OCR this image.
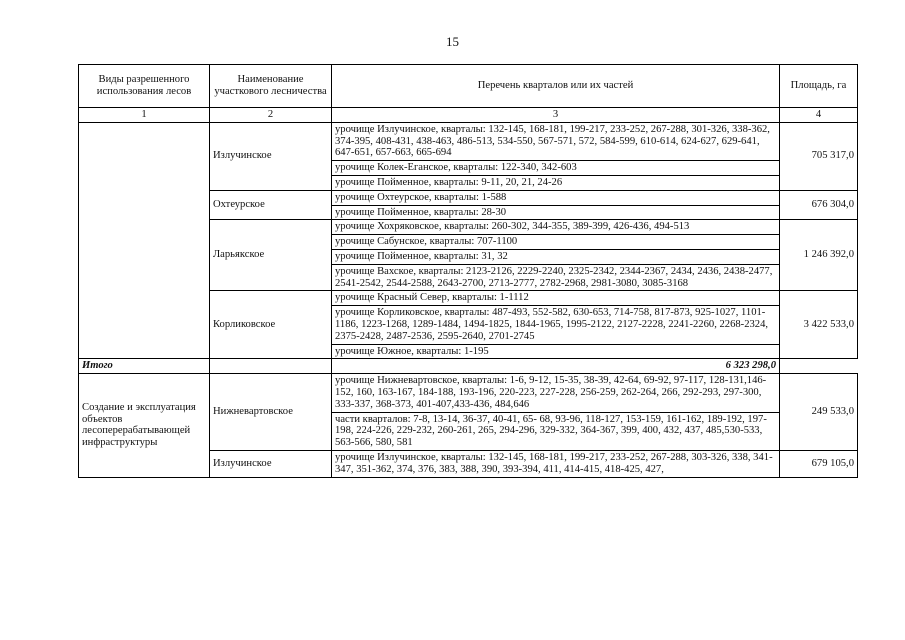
15
Виды разрешенного использования лесов	Наименование участкового лесничества	Перечень кварталов или их частей	Площадь, га
1	2	3	4
	Излучинское	урочище Излучинское, кварталы: 132-145, 168-181, 199-217, 233-252, 267-288, 301-326, 338-362, 374-395, 408-431, 438-463, 486-513, 534-550, 567-571, 572, 584-599, 610-614, 624-627, 629-641, 647-651, 657-663, 665-694	705 317,0
		урочище Колек-Еганское, кварталы: 122-340, 342-603	
		урочище Пойменное, кварталы: 9-11, 20, 21, 24-26	
	Охтеурское	урочище Охтеурское, кварталы: 1-588	676 304,0
		урочище Пойменное, кварталы: 28-30	
	Ларьякское	урочище Хохряковское, кварталы: 260-302, 344-355, 389-399, 426-436, 494-513	1 246 392,0
		урочище Сабунское, кварталы: 707-1100	
		урочище Пойменное, кварталы: 31, 32	
		урочище Вахское, кварталы: 2123-2126, 2229-2240, 2325-2342, 2344-2367, 2434, 2436, 2438-2477, 2541-2542, 2544-2588, 2643-2700, 2713-2777, 2782-2968, 2981-3080, 3085-3168	
	Корликовское	урочище Красный Север, кварталы: 1-1112	3 422 533,0
		урочище Корликовское, кварталы: 487-493, 552-582, 630-653, 714-758, 817-873, 925-1027, 1101-1186, 1223-1268, 1289-1484, 1494-1825, 1844-1965, 1995-2122, 2127-2228, 2241-2260, 2268-2324, 2375-2428, 2487-2536, 2595-2640, 2701-2745	
		урочище Южное, кварталы: 1-195	
Итого		6 323 298,0	
Создание и эксплуатация объектов лесоперерабатывающей инфраструктуры	Нижневартовское	урочище Нижневартовское, кварталы: 1-6, 9-12, 15-35, 38-39, 42-64, 69-92, 97-117, 128-131,146-152, 160, 163-167, 184-188, 193-196, 220-223, 227-228, 256-259, 262-264, 266, 292-293, 297-300, 333-337, 368-373, 401-407,433-436, 484,646	249 533,0
		части кварталов: 7-8, 13-14, 36-37, 40-41, 65- 68, 93-96, 118-127, 153-159, 161-162, 189-192, 197-198, 224-226, 229-232, 260-261, 265, 294-296, 329-332, 364-367, 399, 400, 432, 437, 485,530-533, 563-566, 580, 581	
	Излучинское	урочище Излучинское, кварталы: 132-145, 168-181, 199-217, 233-252, 267-288, 303-326, 338, 341-347, 351-362, 374, 376, 383, 388, 390, 393-394, 411, 414-415, 418-425, 427,	679 105,0
